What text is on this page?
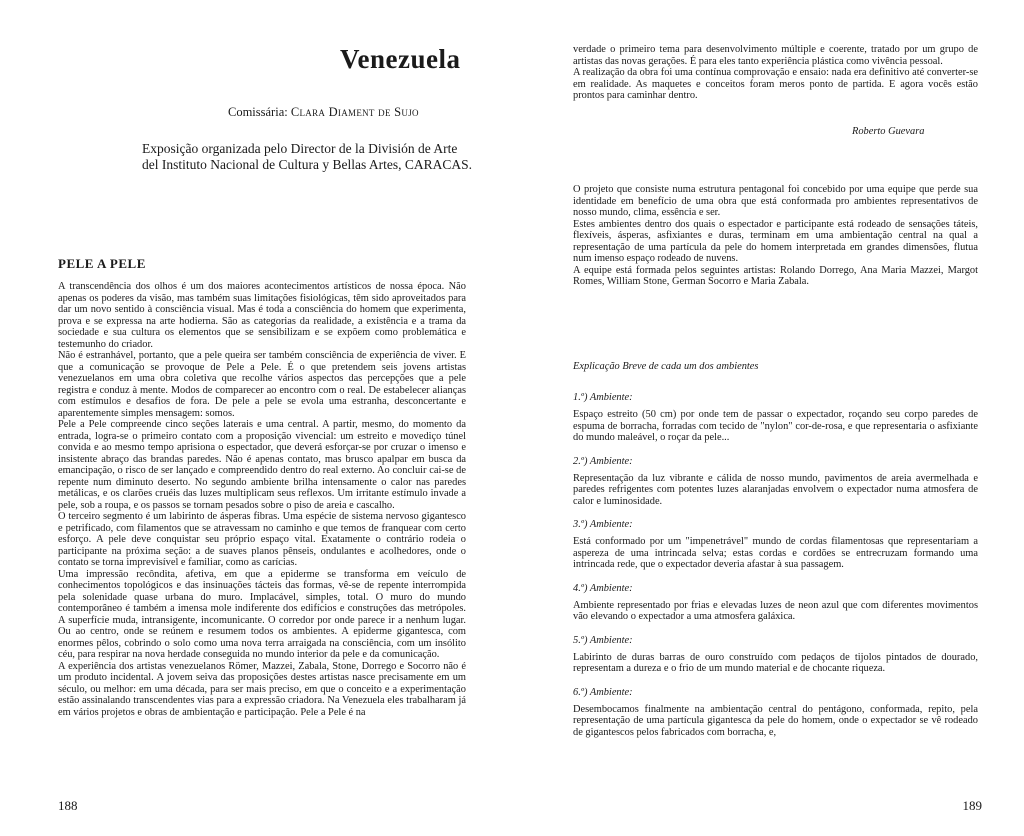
Venezuela
Comissária: Clara Diament de Sujo
Exposição organizada pelo Director de la División de Arte del Instituto Nacional de Cultura y Bellas Artes, CARACAS.
PELE A PELE

A transcendência dos olhos é um dos maiores acontecimentos artísticos de nossa época. Não apenas os poderes da visão, mas também suas limitações fisiológicas, têm sido aproveitados para dar um novo sentido à consciência visual. Mas é toda a consciência do homem que experimenta, prova e se expressa na arte hodierna. São as categorias da realidade, a existência e a trama da sociedade e sua cultura os elementos que se sensibilizam e se expõem como problemática e testemunho do criador.

Não é estranhável, portanto, que a pele queira ser também consciência de experiência de viver. E que a comunicação se provoque de Pele a Pele. É o que pretendem seis jovens artistas venezuelanos em uma obra coletiva que recolhe vários aspectos das percepções que a pele registra e conduz à mente. Modos de comparecer ao encontro com o real. De estabelecer alianças com estímulos e desafios de fora. De pele a pele se evola uma estranha, desconcertante e aparentemente simples mensagem: somos.

Pele a Pele compreende cinco seções laterais e uma central. A partir, mesmo, do momento da entrada, logra-se o primeiro contato com a proposição vivencial: um estreito e movediço túnel convida e ao mesmo tempo aprisiona o espectador, que deverá esforçar-se por cruzar o imenso e insistente abraço das brandas paredes. Não é apenas contato, mas brusco apalpar em busca da emancipação, o risco de ser lançado e compreendido dentro do real externo. Ao concluir cai-se de repente num diminuto deserto. No segundo ambiente brilha intensamente o calor nas paredes metálicas, e os clarões cruéis das luzes multiplicam seus reflexos. Um irritante estímulo invade a pele, sob a roupa, e os passos se tornam pesados sobre o piso de areia e cascalho.

O terceiro segmento é um labirinto de ásperas fibras. Uma espécie de sistema nervoso gigantesco e petrificado, com filamentos que se atravessam no caminho e que temos de franquear com certo esforço. A pele deve conquistar seu próprio espaço vital. Exatamente o contrário rodeia o participante na próxima seção: a de suaves planos pênseis, ondulantes e acolhedores, onde o contato se torna imprevisível e familiar, como as carícias.

Uma impressão recôndita, afetiva, em que a epiderme se transforma em veículo de conhecimentos topológicos e das insinuações tácteis das formas, vê-se de repente interrompida pela solenidade quase urbana do muro. Implacável, simples, total. O muro do mundo contemporâneo é também a imensa mole indiferente dos edifícios e construções das metrópoles. A superfície muda, intransigente, incomunicante. O corredor por onde parece ir a nenhum lugar. Ou ao centro, onde se reúnem e resumem todos os ambientes. A epiderme gigantesca, com enormes pêlos, cobrindo o solo como uma nova terra arraigada na consciência, com um insólito céu, para respirar na nova herdade conseguida no mundo interior da pele e da comunicação.

A experiência dos artistas venezuelanos Römer, Mazzei, Zabala, Stone, Dorrego e Socorro não é um produto incidental. A jovem seiva das proposições destes artistas nasce precisamente em um século, ou melhor: em uma década, para ser mais preciso, em que o conceito e a experimentação estão assinalando transcendentes vias para a expressão criadora. Na Venezuela eles trabalharam já em vários projetos e obras de ambientação e participação. Pele a Pele é na

188

verdade o primeiro tema para desenvolvimento múltiple e coerente, tratado por um grupo de artistas das novas gerações. É para eles tanto experiência plástica como vivência pessoal.

A realização da obra foi uma contínua comprovação e ensaio: nada era definitivo até converter-se em realidade. As maquetes e conceitos foram meros ponto de partida. E agora vocês estão prontos para caminhar dentro.

Roberto Guevara

O projeto que consiste numa estrutura pentagonal foi concebido por uma equipe que perde sua identidade em benefício de uma obra que está conformada pro ambientes representativos de nosso mundo, clima, essência e ser.

Estes ambientes dentro dos quais o espectador e participante está rodeado de sensações táteis, flexíveis, ásperas, asfixiantes e duras, terminam em uma ambientação central na qual a representação de uma partícula da pele do homem interpretada em grandes dimensões, flutua num imenso espaço rodeado de nuvens.

A equipe está formada pelos seguintes artistas: Rolando Dorrego, Ana Maria Mazzei, Margot Romes, William Stone, German Socorro e Maria Zabala.

Explicação Breve de cada um dos ambientes
1.º) Ambiente:
Espaço estreito (50 cm) por onde tem de passar o expectador, roçando seu corpo paredes de espuma de borracha, forradas com tecido de "nylon" cor-de-rosa, e que representaria o asfixiante do mundo maleável, o roçar da pele...
2.º) Ambiente:
Representação da luz vibrante e cálida de nosso mundo, pavimentos de areia avermelhada e paredes refrigentes com potentes luzes alaranjadas envolvem o expectador numa atmosfera de calor e luminosidade.
3.º) Ambiente:
Está conformado por um "impenetrável" mundo de cordas filamentosas que representariam a aspereza de uma intrincada selva; estas cordas e cordões se entrecruzam formando uma intrincada rede, que o expectador deveria afastar à sua passagem.
4.º) Ambiente:
Ambiente representado por frias e elevadas luzes de neon azul que com diferentes movimentos vão elevando o expectador a uma atmosfera galáxica.
5.º) Ambiente:
Labirinto de duras barras de ouro construído com pedaços de tijolos pintados de dourado, representam a dureza e o frio de um mundo material e de chocante riqueza.
6.º) Ambiente:
Desembocamos finalmente na ambientação central do pentágono, conformada, repito, pela representação de uma partícula gigantesca da pele do homem, onde o expectador se vê rodeado de gigantescos pelos fabricados com borracha, e,
189
